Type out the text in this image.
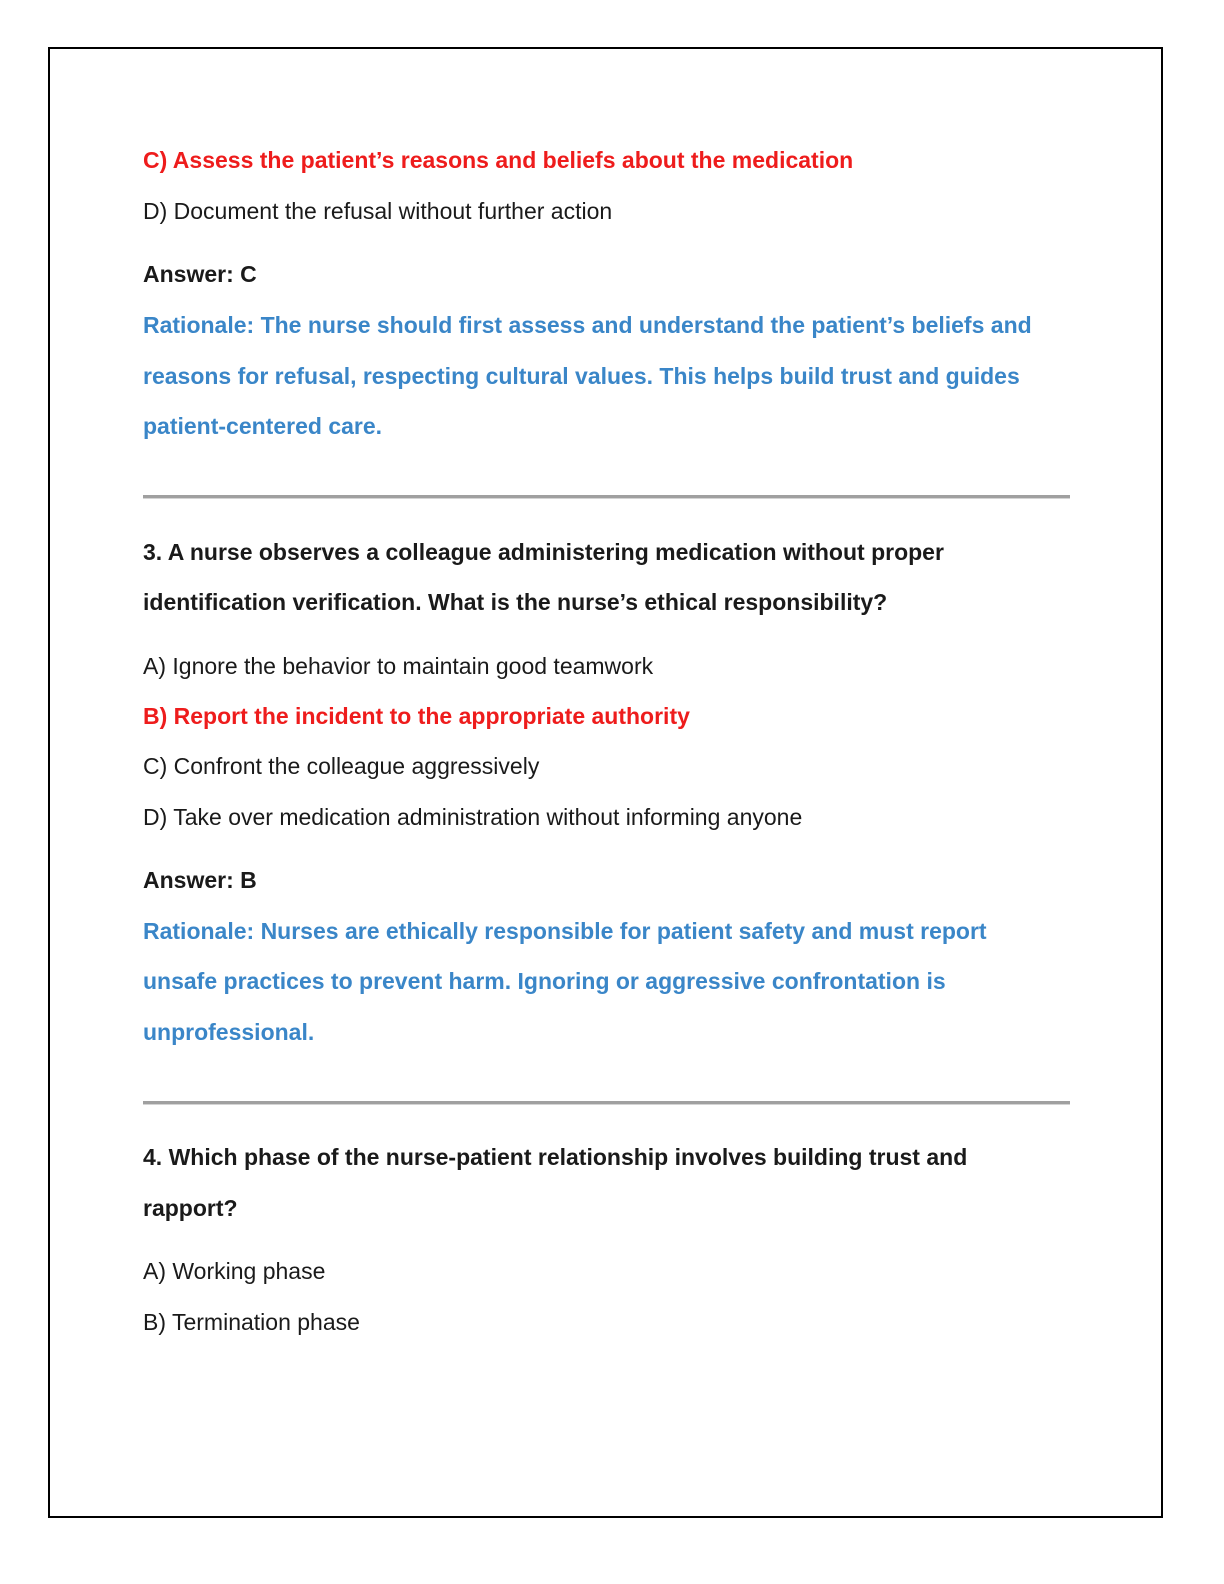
C) Assess the patient’s reasons and beliefs about the medication
D) Document the refusal without further action
Answer: C
Rationale: The nurse should first assess and understand the patient’s beliefs and
reasons for refusal, respecting cultural values. This helps build trust and guides
patient-centered care.
3. A nurse observes a colleague administering medication without proper
identification verification. What is the nurse’s ethical responsibility?
A) Ignore the behavior to maintain good teamwork
B) Report the incident to the appropriate authority
C) Confront the colleague aggressively
D) Take over medication administration without informing anyone
Answer: B
Rationale: Nurses are ethically responsible for patient safety and must report
unsafe practices to prevent harm. Ignoring or aggressive confrontation is
unprofessional.
4. Which phase of the nurse-patient relationship involves building trust and
rapport?
A) Working phase
B) Termination phase
